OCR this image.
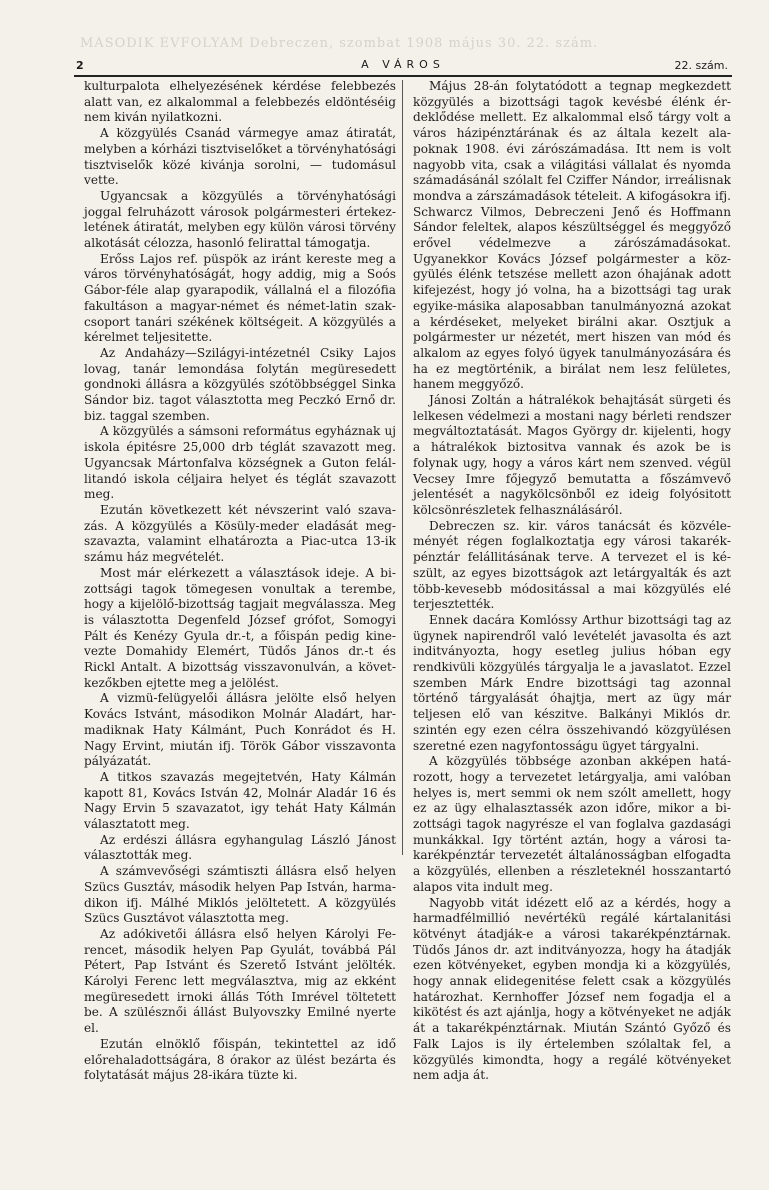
MÁSODIK ÉVFOLYAM Debreczen, szombat 1908 május 30. 22. szám.
2	A VÁROS	22. szám.

kulturpalota elhelyezésének kérdése felebbezés alatt van, ez alkalommal a felebbezés eldöntéséig nem kiván nyilatkozni.

A közgyülés Csanád vármegye amaz átiratát, melyben a kórházi tisztviselőket a törvényhatósági tisztviselők közé kivánja sorolni, — tudomásul vette.

Ugyancsak a közgyülés a törvényhatósági joggal felruházott városok polgármesteri értekezletének átiratát, melyben egy külön városi törvény alkotását célozza, hasonló felirattal támogatja.

Erőss Lajos ref. püspök az iránt kereste meg a város törvényhatóságát, hogy addig, mig a Soós Gábor-féle alap gyarapodik, vállalná el a filozófia fakultáson a magyar-német és német-latin szakcsoport tanári székének költségeit. A közgyülés a kérelmet teljesitette.

Az Andaházy—Szilágyi-intézetnél Csiky Lajos lovag, tanár lemondása folytán megüresedett gondnoki állásra a közgyülés szótöbbséggel Sinka Sándor biz. tagot választotta meg Peczkó Ernő dr. biz. taggal szemben.

A közgyülés a sámsoni református egyháznak uj iskola épitésre 25,000 drb téglát szavazott meg. Ugyancsak Mártonfalva községnek a Guton felállitandó iskola céljaira helyet és téglát szavazott meg.

Ezután következett két névszerint való szavazás. A közgyülés a Kösüly-meder eladását megszavazta, valamint elhatározta a Piac-utca 13-ik számu ház megvételét.

Most már elérkezett a választások ideje. A bizottsági tagok tömegesen vonultak a terembe, hogy a kijelölő-bizottság tagjait megválassza. Meg is választotta Degenfeld József grófot, Somogyi Pált és Kenézy Gyula dr.-t, a főispán pedig kinevezte Domahidy Elemért, Tüdős János dr.-t és Rickl Antalt. A bizottság visszavonulván, a következőkben ejtette meg a jelölést.

A vizmü-felügyelői állásra jelölte első helyen Kovács Istvánt, másodikon Molnár Aladárt, harmadiknak Haty Kálmánt, Puch Konrádot és H. Nagy Ervint, miután ifj. Török Gábor visszavonta pályázatát.

A titkos szavazás megejtetvén, Haty Kálmán kapott 81, Kovács István 42, Molnár Aladár 16 és Nagy Ervin 5 szavazatot, igy tehát Haty Kálmán választatott meg.

Az erdészi állásra egyhangulag László Jánost választották meg.

A számvevőségi számtiszti állásra első helyen Szücs Gusztáv, második helyen Pap István, harmadikon ifj. Málhé Miklós jelöltetett. A közgyülés Szücs Gusztávot választotta meg.

Az adókivetői állásra első helyen Károlyi Ferencet, második helyen Pap Gyulát, továbbá Pál Pétert, Pap Istvánt és Szerető Istvánt jelölték. Károlyi Ferenc lett megválasztva, mig az ekként megüresedett irnoki állás Tóth Imrével töltetett be. A szülésznői állást Bulyovszky Emilné nyerte el.

Ezután elnöklő főispán, tekintettel az idő előrehaladottságára, 8 órakor az ülést bezárta és folytatását május 28-ikára tüzte ki.

Május 28-án folytatódott a tegnap megkezdett közgyülés a bizottsági tagok kevésbé élénk érdeklődése mellett. Ez alkalommal első tárgy volt a város házipénztárának és az általa kezelt alapoknak 1908. évi zárószámadása. Itt nem is volt nagyobb vita, csak a világitási vállalat és nyomda számadásánál szólalt fel Cziffer Nándor, irreálisnak mondva a zárszámadások tételeit. A kifogásokra ifj. Schwarcz Vilmos, Debreczeni Jenő és Hoffmann Sándor feleltek, alapos készültséggel és meggyőző erővel védelmezve a zárószámadásokat. Ugyanekkor Kovács József polgármester a közgyülés élénk tetszése mellett azon óhajának adott kifejezést, hogy jó volna, ha a bizottsági tag urak egyike-másika alaposabban tanulmányozná azokat a kérdéseket, melyeket birálni akar. Osztjuk a polgármester ur nézetét, mert hiszen van mód és alkalom az egyes folyó ügyek tanulmányozására és ha ez megtörténik, a birálat nem lesz felületes, hanem meggyőző.

Jánosi Zoltán a hátralékok behajtását sürgeti és lelkesen védelmezi a mostani nagy bérleti rendszer megváltoztatását. Magos György dr. kijelenti, hogy a hátralékok biztositva vannak és azok be is folynak ugy, hogy a város kárt nem szenved. végül Vecsey Imre főjegyző bemutatta a főszámvevő jelentését a nagykölcsönből ez ideig folyósitott kölcsönrészletek felhasználásáról.

Debreczen sz. kir. város tanácsát és közvéleményét régen foglalkoztatja egy városi takarékpénztár felállitásának terve. A tervezet el is készült, az egyes bizottságok azt letárgyalták és azt több-kevesebb módositással a mai közgyülés elé terjesztették.

Ennek dacára Komlóssy Arthur bizottsági tag az ügynek napirendről való levételét javasolta és azt inditványozta, hogy esetleg julius hóban egy rendkivüli közgyülés tárgyalja le a javaslatot. Ezzel szemben Márk Endre bizottsági tag azonnal történő tárgyalását óhajtja, mert az ügy már teljesen elő van készitve. Balkányi Miklós dr. szintén egy ezen célra összehivandó közgyülésen szeretné ezen nagyfontosságu ügyet tárgyalni.

A közgyülés többsége azonban akképen határozott, hogy a tervezetet letárgyalja, ami valóban helyes is, mert semmi ok nem szólt amellett, hogy ez az ügy elhalasztassék azon időre, mikor a bizottsági tagok nagyrésze el van foglalva gazdasági munkákkal. Igy történt aztán, hogy a városi takarékpénztár tervezetét általánosságban elfogadta a közgyülés, ellenben a részleteknél hosszantartó alapos vita indult meg.

Nagyobb vitát idézett elő az a kérdés, hogy a harmadfélmillió nevértékü regálé kártalanitási kötvényt átadják-e a városi takarékpénztárnak. Tüdős János dr. azt inditványozza, hogy ha átadják ezen kötvényeket, egyben mondja ki a közgyülés, hogy annak elidegenitése felett csak a közgyülés határozhat. Kernhoffer József nem fogadja el a kikötést és azt ajánlja, hogy a kötvényeket ne adják át a takarékpénztárnak. Miután Szántó Győző és Falk Lajos is ily értelemben szólaltak fel, a közgyülés kimondta, hogy a regálé kötvényeket nem adja át.
